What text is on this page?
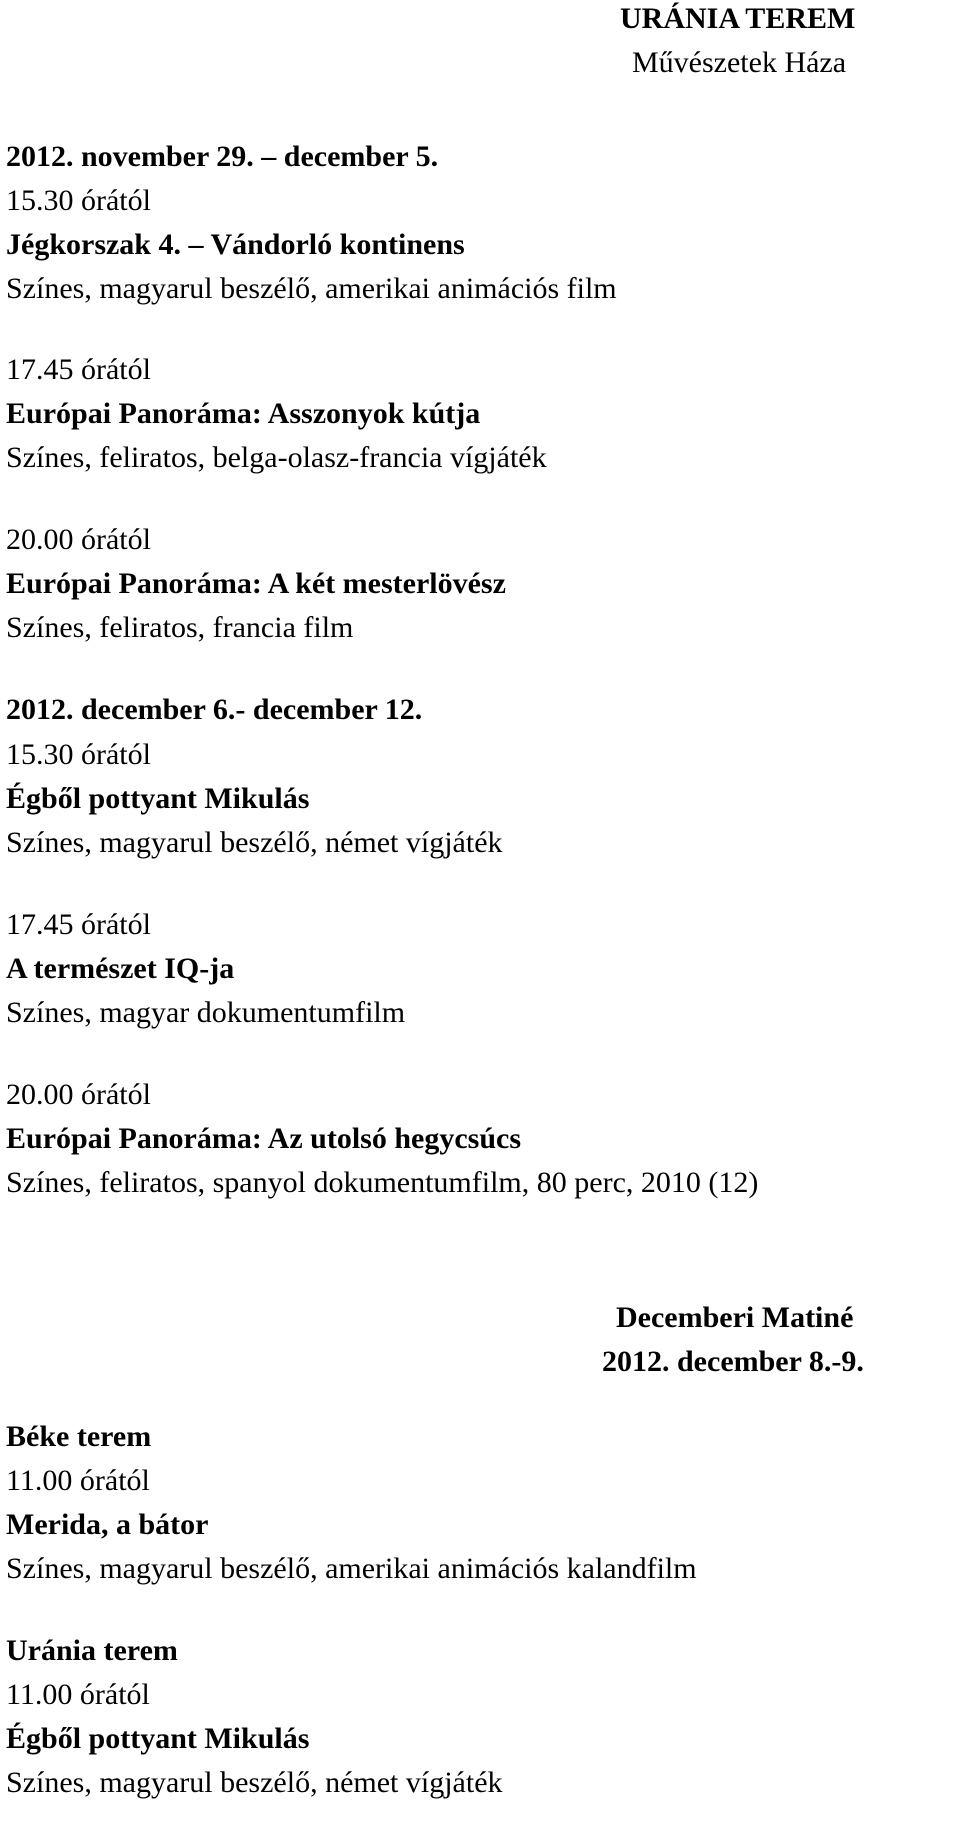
URÁNIA TEREM
Művészetek Háza
2012. november 29. – december 5.
15.30 órától
Jégkorszak 4. – Vándorló kontinens
Színes, magyarul beszélő, amerikai animációs film
17.45 órától
Európai Panoráma: Asszonyok kútja
Színes, feliratos, belga-olasz-francia vígjáték
20.00 órától
Európai Panoráma: A két mesterlövész
Színes, feliratos, francia film
2012. december 6.- december 12.
15.30 órától
Égből pottyant Mikulás
Színes, magyarul beszélő, német vígjáték
17.45 órától
A természet IQ-ja
Színes, magyar dokumentumfilm
20.00 órától
Európai Panoráma: Az utolsó hegycsúcs
Színes, feliratos, spanyol dokumentumfilm, 80 perc, 2010 (12)
Decemberi Matiné
2012. december 8.-9.
Béke terem
11.00 órától
Merida, a bátor
Színes, magyarul beszélő, amerikai animációs kalandfilm
Uránia terem
11.00 órától
Égből pottyant Mikulás
Színes, magyarul beszélő, német vígjáték
